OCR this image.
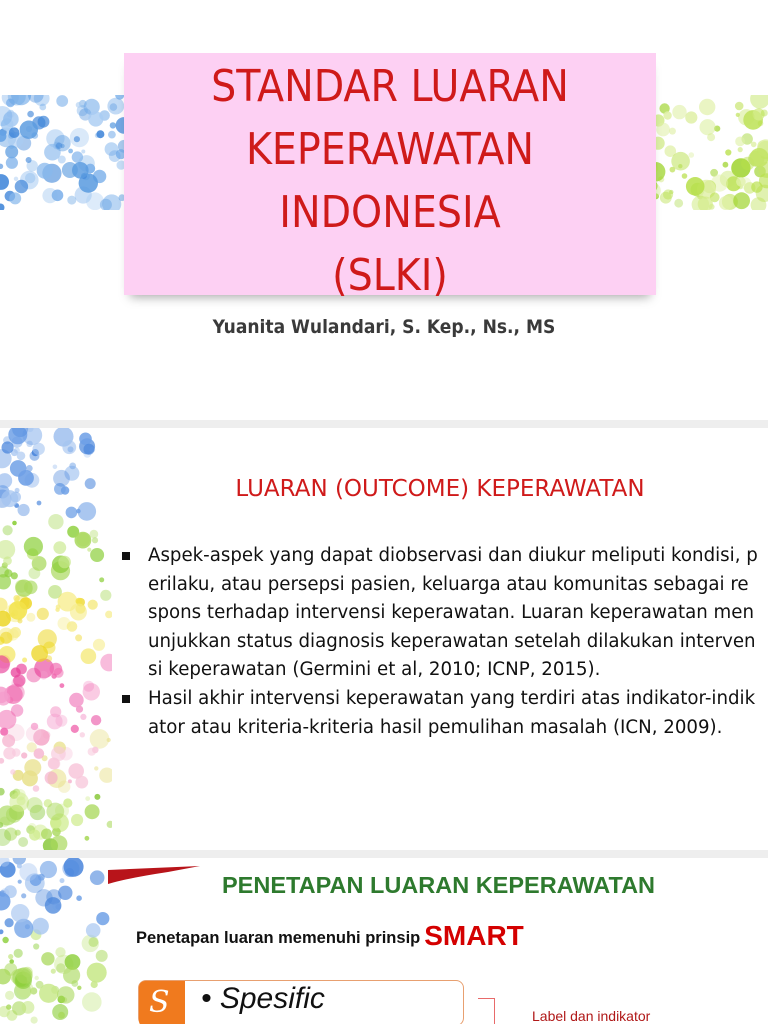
STANDAR LUARAN
KEPERAWATAN
INDONESIA
(SLKI)

Yuanita Wulandari, S. Kep., Ns., MS

LUARAN (OUTCOME) KEPERAWATAN
Aspek-aspek yang dapat diobservasi dan diukur meliputi kondisi, perilaku, atau persepsi pasien, keluarga atau komunitas sebagai respons terhadap intervensi keperawatan. Luaran keperawatan menunjukkan status diagnosis keperawatan setelah dilakukan intervensi keperawatan (Germini et al, 2010; ICNP, 2015).
Hasil akhir intervensi keperawatan yang terdiri atas indikator-indikator atau kriteria-kriteria hasil pemulihan masalah (ICN, 2009).
PENETAPAN LUARAN KEPERAWATAN
Penetapan luaran memenuhi prinsip SMART
S • Spesific
Label dan indikator
